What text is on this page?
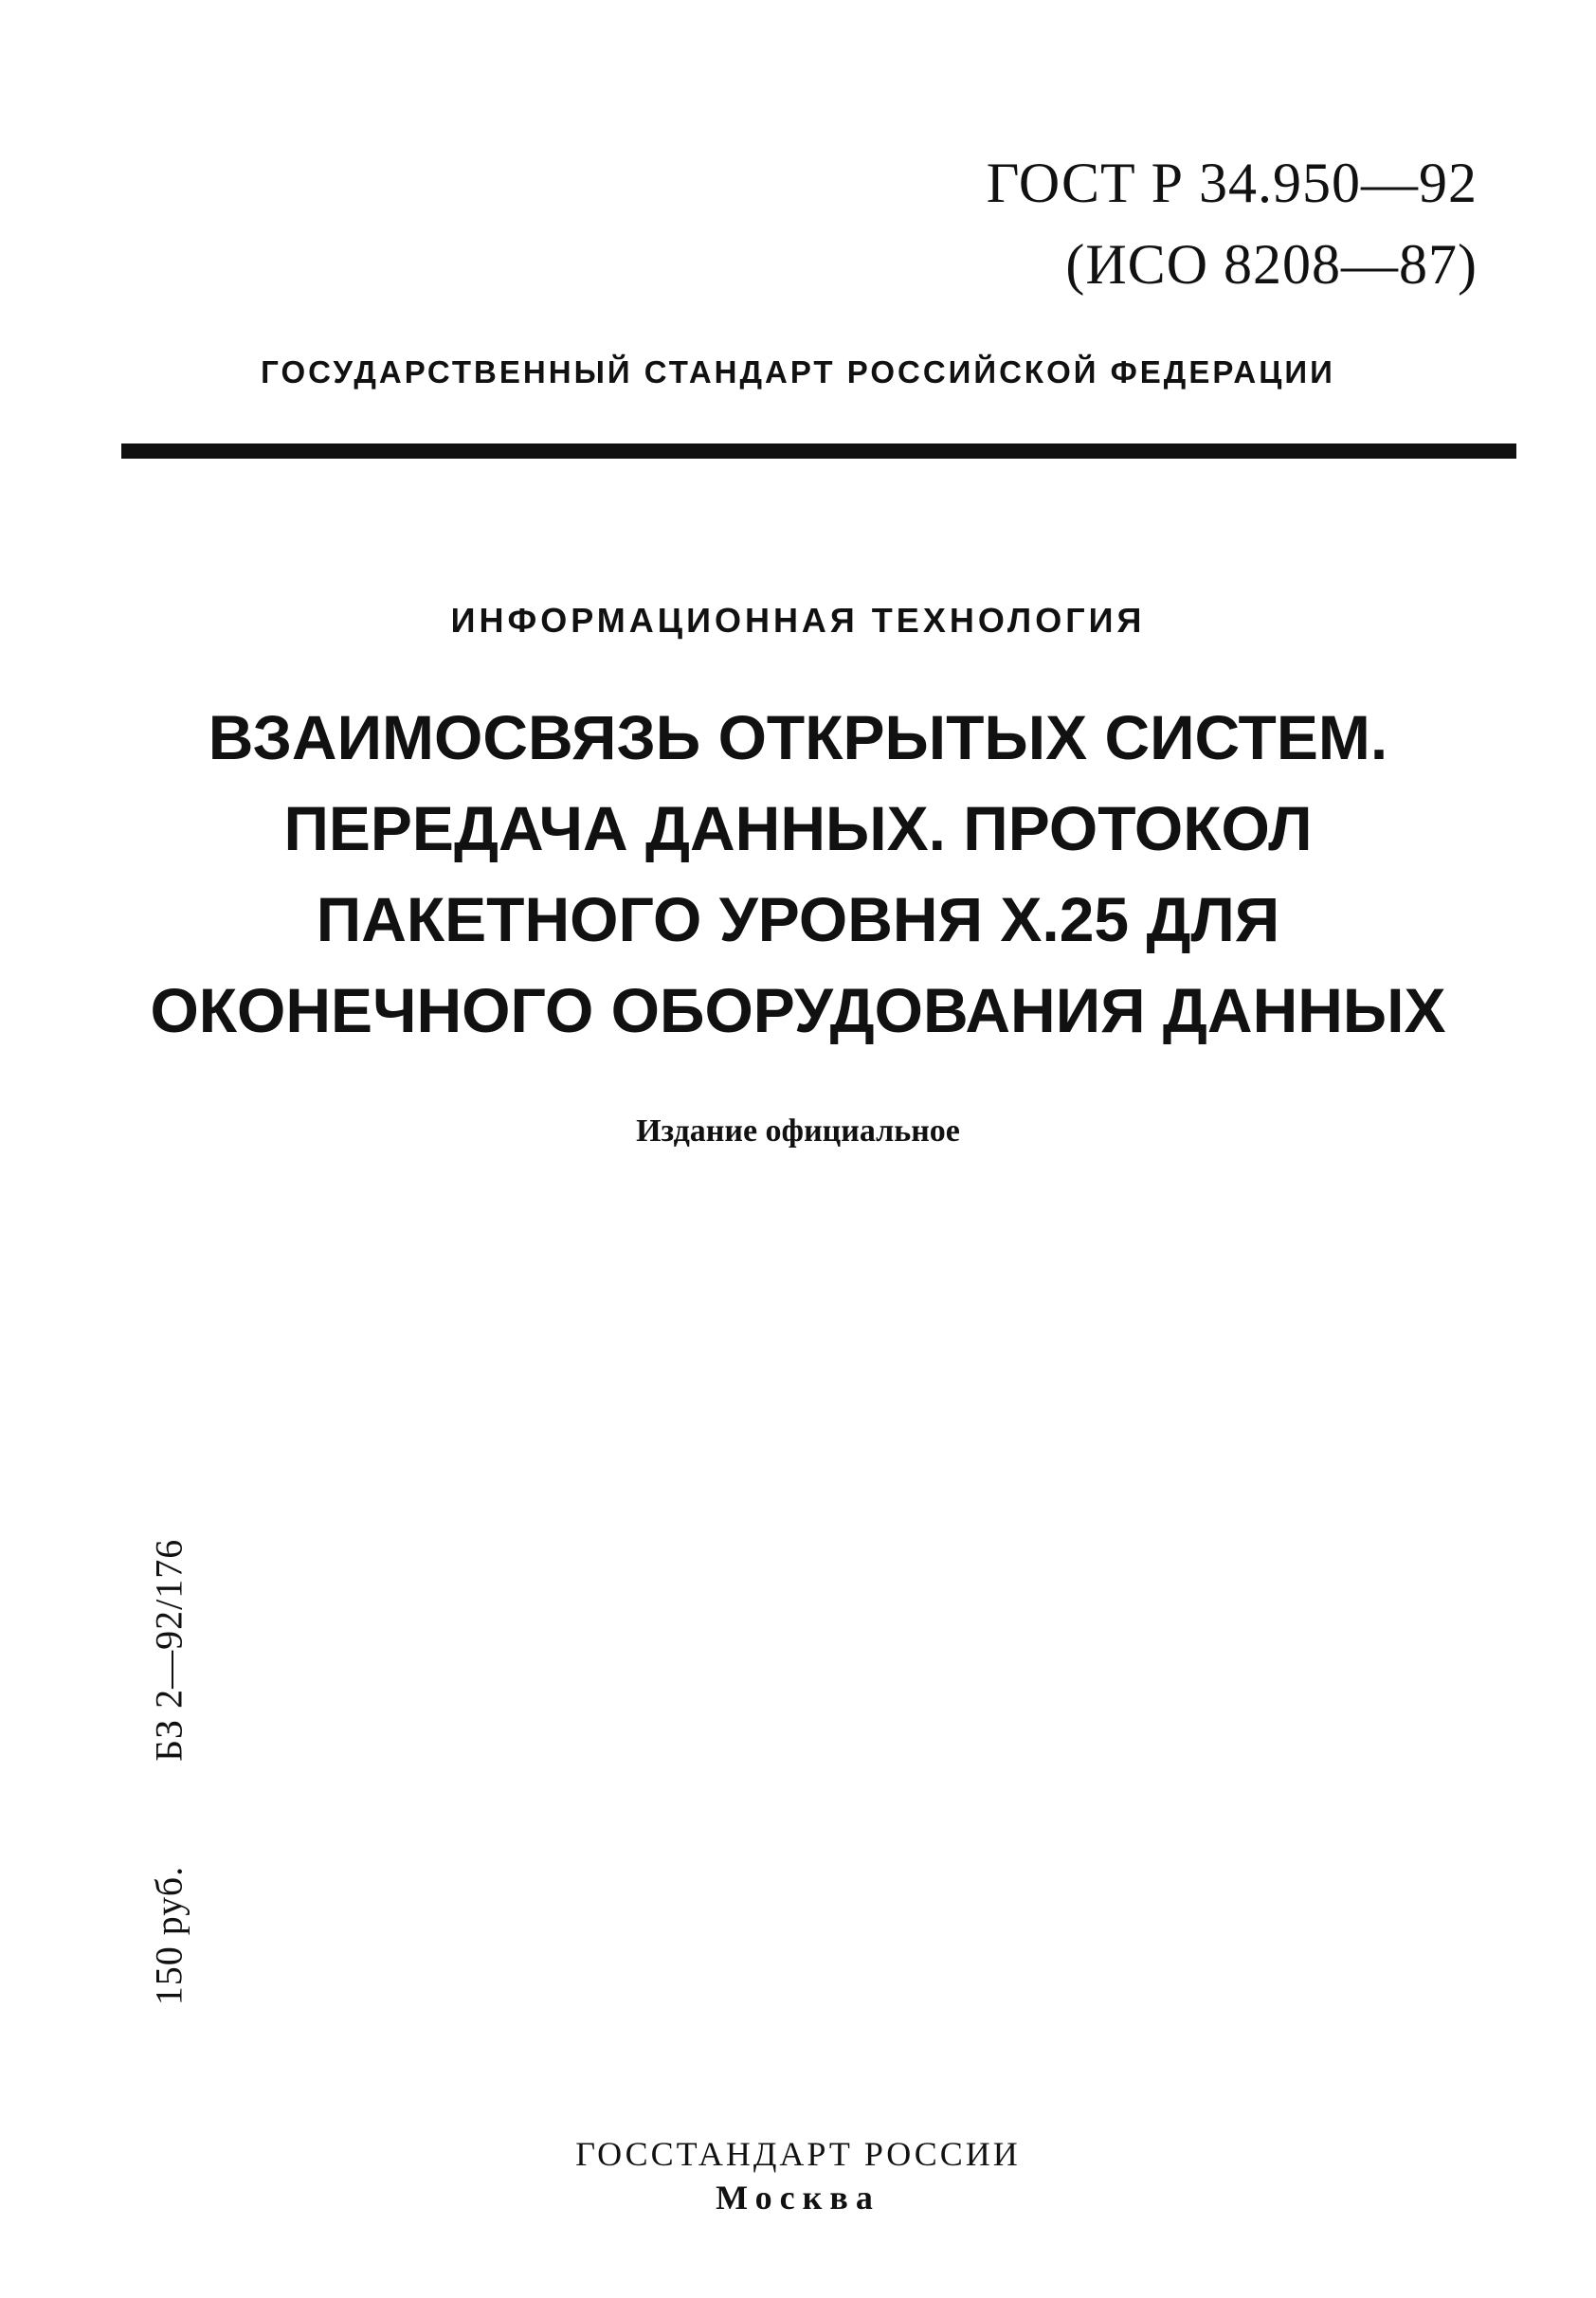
ГОСТ Р 34.950—92
(ИСО 8208—87)
ГОСУДАРСТВЕННЫЙ СТАНДАРТ РОССИЙСКОЙ ФЕДЕРАЦИИ
ИНФОРМАЦИОННАЯ ТЕХНОЛОГИЯ
ВЗАИМОСВЯЗЬ ОТКРЫТЫХ СИСТЕМ.
ПЕРЕДАЧА ДАННЫХ. ПРОТОКОЛ
ПАКЕТНОГО УРОВНЯ X.25 ДЛЯ
ОКОНЕЧНОГО ОБОРУДОВАНИЯ ДАННЫХ
Издание официальное
150 руб.
БЗ 2—92/176
ГОССТАНДАРТ РОССИИ
Москва
